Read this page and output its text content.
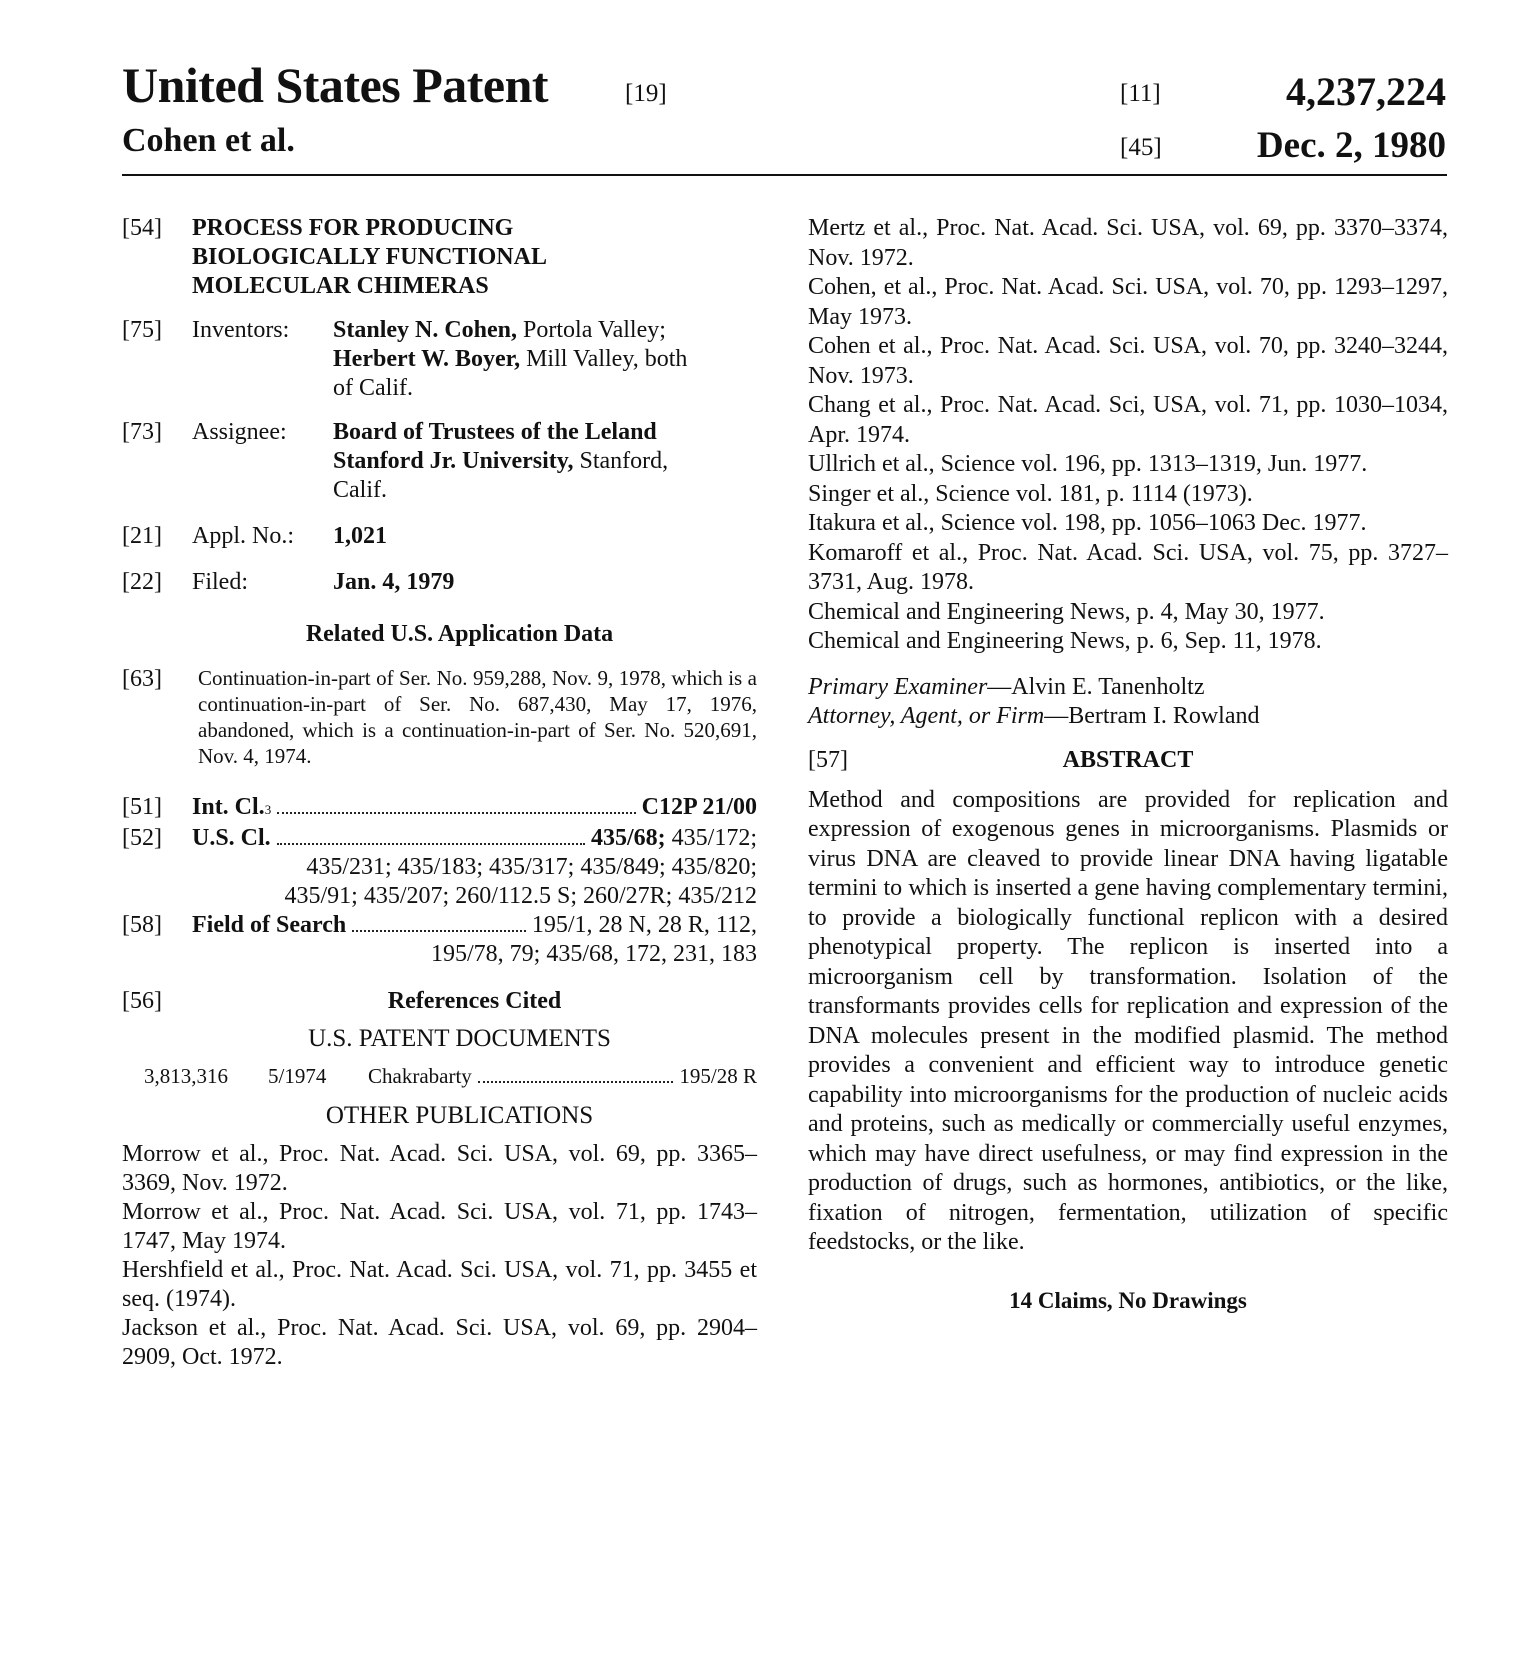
United States Patent	[19]
Cohen et al.
[11]	4,237,224
[45]	Dec. 2, 1980
[54] PROCESS FOR PRODUCING
BIOLOGICALLY FUNCTIONAL
MOLECULAR CHIMERAS
[75] Inventors: Stanley N. Cohen, Portola Valley;
Herbert W. Boyer, Mill Valley, both
of Calif.
[73] Assignee: Board of Trustees of the Leland
Stanford Jr. University, Stanford,
Calif.
[21] Appl. No.: 1,021
[22] Filed:	Jan. 4, 1979
Related U.S. Application Data
[63] Continuation-in-part of Ser. No. 959,288, Nov. 9, 1978, which is a continuation-in-part of Ser. No. 687,430, May 17, 1976, abandoned, which is a continuation-in-part of Ser. No. 520,691, Nov. 4, 1974.
[51] Int. Cl. 3	C12P 21/00
[52] U.S. Cl.	435/68; 435/172;
435/231; 435/183; 435/317; 435/849; 435/820;
435/91; 435/207; 260/112.5 S; 260/27R; 435/212
[58] Field of Search	195/1, 28 N, 28 R, 112,
195/78, 79; 435/68, 172, 231, 183
[56]	References Cited
U.S. PATENT DOCUMENTS
3,813,316	5/1974	Chakrabarty	195/28 R
OTHER PUBLICATIONS
Morrow et al., Proc. Nat. Acad. Sci. USA, vol. 69, pp. 3365–3369, Nov. 1972.
Morrow et al., Proc. Nat. Acad. Sci. USA, vol. 71, pp. 1743–1747, May 1974.
Hershfield et al., Proc. Nat. Acad. Sci. USA, vol. 71, pp. 3455 et seq. (1974).
Jackson et al., Proc. Nat. Acad. Sci. USA, vol. 69, pp. 2904–2909, Oct. 1972.
Mertz et al., Proc. Nat. Acad. Sci. USA, vol. 69, pp. 3370–3374, Nov. 1972.
Cohen, et al., Proc. Nat. Acad. Sci. USA, vol. 70, pp. 1293–1297, May 1973.
Cohen et al., Proc. Nat. Acad. Sci. USA, vol. 70, pp. 3240–3244, Nov. 1973.
Chang et al., Proc. Nat. Acad. Sci, USA, vol. 71, pp. 1030–1034, Apr. 1974.
Ullrich et al., Science vol. 196, pp. 1313–1319, Jun. 1977.
Singer et al., Science vol. 181, p. 1114 (1973).
Itakura et al., Science vol. 198, pp. 1056–1063 Dec. 1977.
Komaroff et al., Proc. Nat. Acad. Sci. USA, vol. 75, pp. 3727–3731, Aug. 1978.
Chemical and Engineering News, p. 4, May 30, 1977.
Chemical and Engineering News, p. 6, Sep. 11, 1978.
Primary Examiner—Alvin E. Tanenholtz
Attorney, Agent, or Firm—Bertram I. Rowland
[57]	ABSTRACT
Method and compositions are provided for replication and expression of exogenous genes in microorganisms. Plasmids or virus DNA are cleaved to provide linear DNA having ligatable termini to which is inserted a gene having complementary termini, to provide a biologically functional replicon with a desired phenotypical property. The replicon is inserted into a microorganism cell by transformation. Isolation of the transformants provides cells for replication and expression of the DNA molecules present in the modified plasmid. The method provides a convenient and efficient way to introduce genetic capability into microorganisms for the production of nucleic acids and proteins, such as medically or commercially useful enzymes, which may have direct usefulness, or may find expression in the production of drugs, such as hormones, antibiotics, or the like, fixation of nitrogen, fermentation, utilization of specific feedstocks, or the like.
14 Claims, No Drawings
